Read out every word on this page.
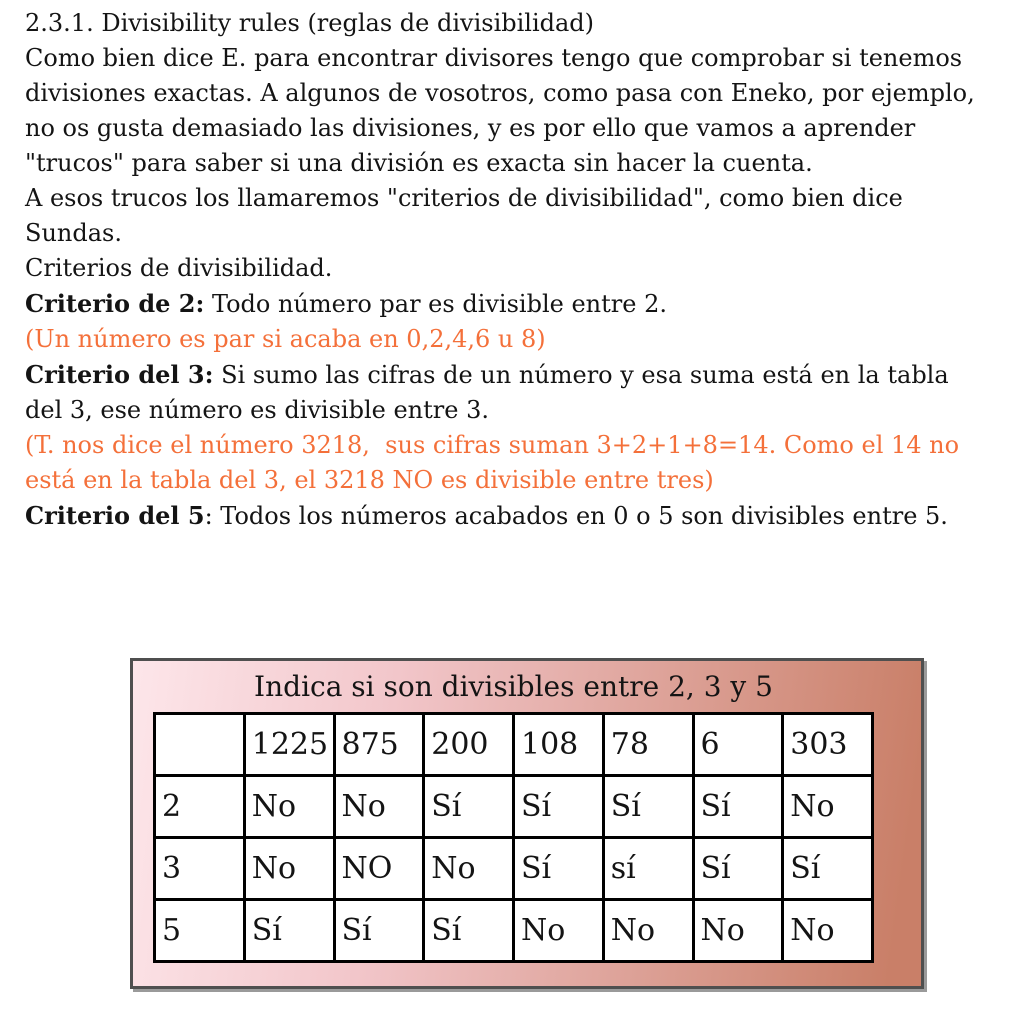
2.3.1. Divisibility rules (reglas de divisibilidad)
Como bien dice E. para encontrar divisores tengo que comprobar si tenemos
divisiones exactas. A algunos de vosotros, como pasa con Eneko, por ejemplo,
no os gusta demasiado las divisiones, y es por ello que vamos a aprender
"trucos" para saber si una división es exacta sin hacer la cuenta.
A esos trucos los llamaremos "criterios de divisibilidad", como bien dice
Sundas.
Criterios de divisibilidad.
Criterio de 2: Todo número par es divisible entre 2.
(Un número es par si acaba en 0,2,4,6 u 8)
Criterio del 3: Si sumo las cifras de un número y esa suma está en la tabla
del 3, ese número es divisible entre 3.
(T. nos dice el número 3218,  sus cifras suman 3+2+1+8=14. Como el 14 no
está en la tabla del 3, el 3218 NO es divisible entre tres)
Criterio del 5: Todos los números acabados en 0 o 5 son divisibles entre 5.
Indica si son divisibles entre 2, 3 y 5
	1225	875	200	108	78	6	303
2	No	No	Sí	Sí	Sí	Sí	No
3	No	NO	No	Sí	sí	Sí	Sí
5	Sí	Sí	Sí	No	No	No	No
